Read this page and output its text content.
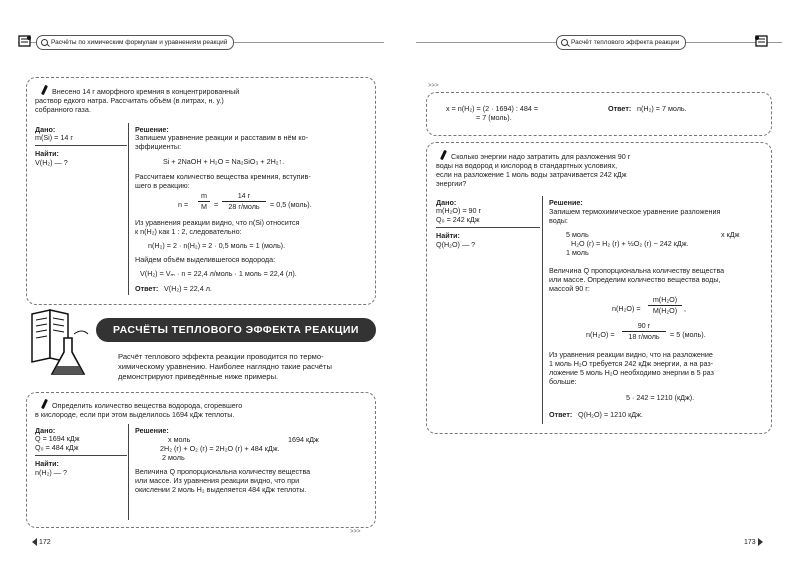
Расчёты по химическим формулам и уравнениям реакций
Внесено 14 г аморфного кремния в концентрированный
раствор едкого натра. Рассчитать объём (в литрах, н. у.)
собранного газа.
Дано:
m(Si) = 14 г
Найти:
V(H₂) — ?
Решение:
Запишем уравнение реакции и расставим в нём ко-
эффициенты:
Si + 2NaOH + H₂O = Na₂SiO₃ + 2H₂↑.
Рассчитаем количество вещества кремния, вступив-
шего в реакцию:
n =
m
M =
14 г
28 г/моль	= 0,5 (моль).
Из уравнения реакции видно, что n(Si) относится
к n(H₂) как 1 : 2, следовательно:
n(H₂) = 2 · n(H₂) = 2 · 0,5 моль = 1 (моль).
Найдем объём выделившегося водорода:
V(H₂) = Vₘ · n = 22,4 л/моль · 1 моль = 22,4 (л).
Ответ: V(H₂) = 22,4 л.
РАСЧЁТЫ ТЕПЛОВОГО ЭФФЕКТА РЕАКЦИИ
Расчёт теплового эффекта реакции проводится по термо-
химическому уравнению. Наиболее наглядно такие расчёты
демонстрируют приведённые ниже примеры.
Определить количество вещества водорода, сгоревшего
в кислороде, если при этом выделилось 1694 кДж теплоты.
Дано:
Q = 1694 кДж
Q₀ = 484 кДж
Найти:
n(H₂) — ?
Решение:
x моль	1694 кДж
2H₂ (г) + O₂ (г) = 2H₂O (г) + 484 кДж.
2 моль
Величина Q пропорциональна количеству вещества
или массе. Из уравнения реакции видно, что при
окислении 2 моль H₂ выделяется 484 кДж теплоты.
>>>
172
Расчёт теплового эффекта реакции
>>>
x = n(H₂) = (2 · 1694) : 484 =
= 7 (моль).
Ответ: n(H₂) = 7 моль.
Сколько энергии надо затратить для разложения 90 г
воды на водород и кислород в стандартных условиях,
если на разложение 1 моль воды затрачивается 242 кДж
энергии?
Дано:
m(H₂O) = 90 г
Q₀ = 242 кДж
Найти:
Q(H₂O) — ?
Решение:
Запишем термохимическое уравнение разложения
воды:
5 моль	x кДж
H₂O (г) = H₂ (г) + ½O₂ (г) − 242 кДж.
1 моль
Величина Q пропорциональна количеству вещества
или массе. Определим количество вещества воды,
массой 90 г:
n(H₂O) =
m(H₂O)
M(H₂O) ,
n(H₂O) =
90 г
18 г/моль	= 5 (моль).
Из уравнения реакции видно, что на разложение
1 моль H₂O требуется 242 кДж энергии, а на раз-
ложение 5 моль H₂O необходимо энергии в 5 раз
больше:
5 · 242 = 1210 (кДж).
Ответ: Q(H₂O) = 1210 кДж.
173
